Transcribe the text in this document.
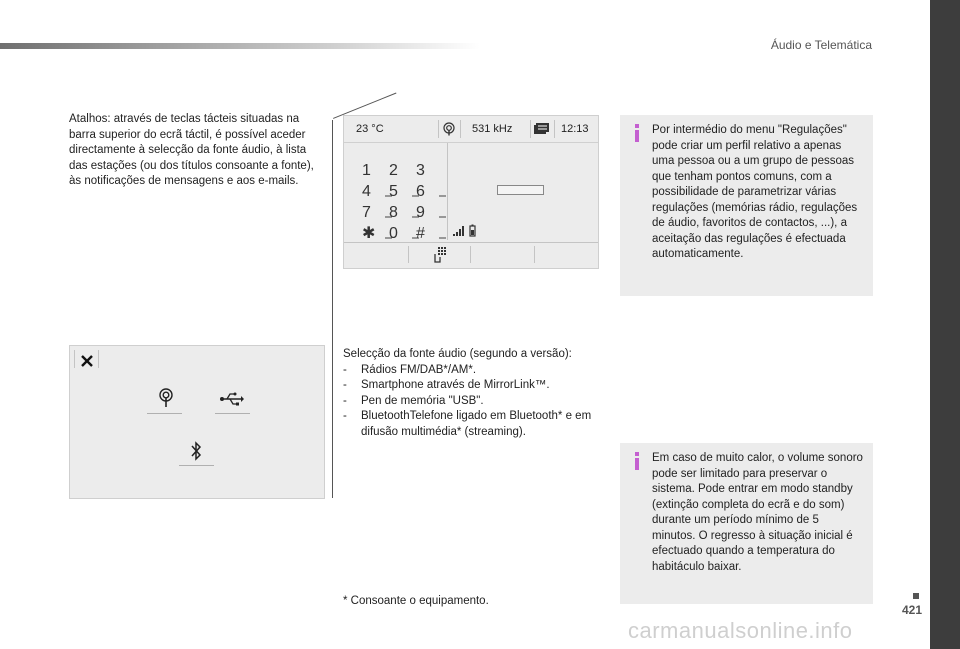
Áudio e Telemática
Atalhos: através de teclas tácteis situadas na barra superior do ecrã táctil, é possível aceder directamente à selecção da fonte áudio, à lista das estações (ou dos títulos consoante a fonte), às notificações de mensagens e aos e-mails.
23 °C	531 kHz	12:13
1 2 3
4 5 6
7 8 9
✱ 0 #
Selecção da fonte áudio (segundo a versão):
- Rádios FM/DAB*/AM*.
- Smartphone através de MirrorLink™.
- Pen de memória "USB".
- BluetoothTelefone ligado em Bluetooth* e em difusão multimédia* (streaming).
* Consoante o equipamento.
Por intermédio do menu "Regulações" pode criar um perfil relativo a apenas uma pessoa ou a um grupo de pessoas que tenham pontos comuns, com a possibilidade de parametrizar várias regulações (memórias rádio, regulações de áudio, favoritos de contactos, ...), a aceitação das regulações é efectuada automaticamente.
Em caso de muito calor, o volume sonoro pode ser limitado para preservar o sistema. Pode entrar em modo standby (extinção completa do ecrã e do som) durante um período mínimo de 5 minutos. O regresso à situação inicial é efectuado quando a temperatura do habitáculo baixar.
421
carmanualsonline.info
